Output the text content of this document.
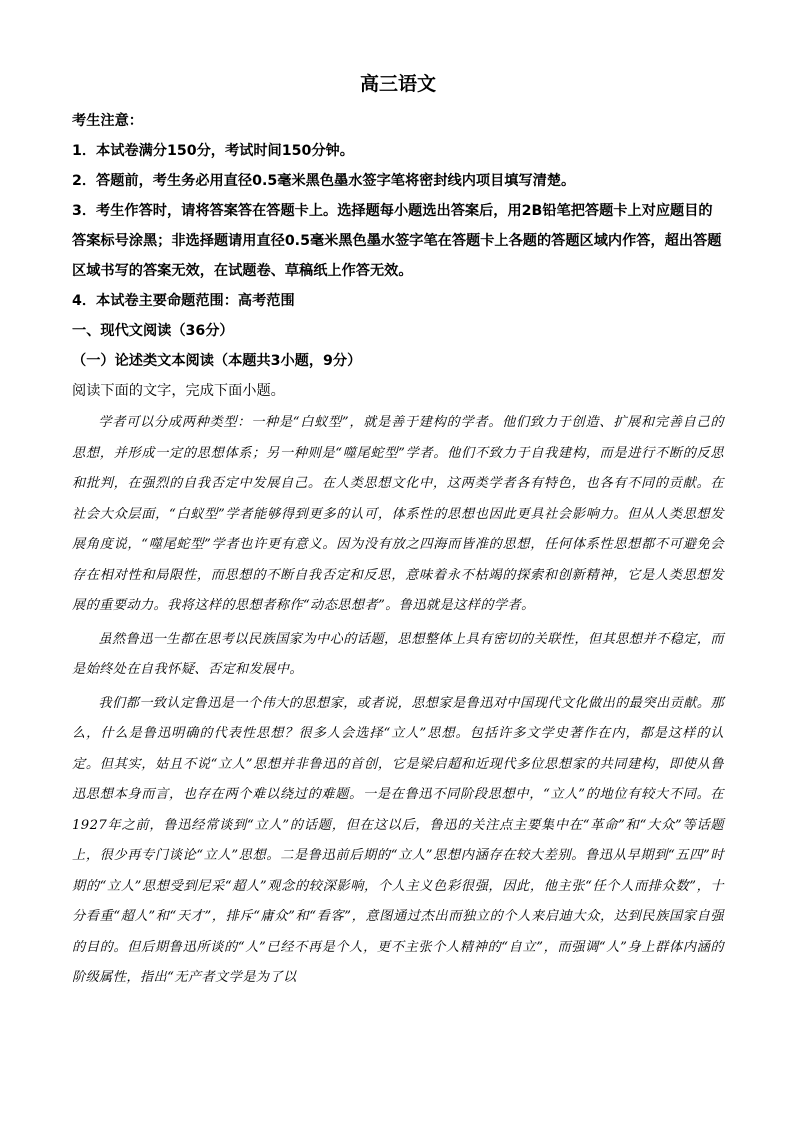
高三语文
考生注意：
1．本试卷满分150分，考试时间150分钟。
2．答题前，考生务必用直径0.5毫米黑色墨水签字笔将密封线内项目填写清楚。
3．考生作答时，请将答案答在答题卡上。选择题每小题选出答案后，用2B铅笔把答题卡上对应题目的答案标号涂黑；非选择题请用直径0.5毫米黑色墨水签字笔在答题卡上各题的答题区域内作答，超出答题区域书写的答案无效，在试题卷、草稿纸上作答无效。
4．本试卷主要命题范围：高考范围
一、现代文阅读（36分）
（一）论述类文本阅读（本题共3小题，9分）
阅读下面的文字，完成下面小题。

学者可以分成两种类型：一种是“白蚁型”，就是善于建构的学者。他们致力于创造、扩展和完善自己的思想，并形成一定的思想体系；另一种则是“噬尾蛇型”学者。他们不致力于自我建构，而是进行不断的反思和批判，在强烈的自我否定中发展自己。在人类思想文化中，这两类学者各有特色，也各有不同的贡献。在社会大众层面，“白蚁型”学者能够得到更多的认可，体系性的思想也因此更具社会影响力。但从人类思想发展角度说，“噬尾蛇型”学者也许更有意义。因为没有放之四海而皆准的思想，任何体系性思想都不可避免会存在相对性和局限性，而思想的不断自我否定和反思，意味着永不枯竭的探索和创新精神，它是人类思想发展的重要动力。我将这样的思想者称作“动态思想者”。鲁迅就是这样的学者。

虽然鲁迅一生都在思考以民族国家为中心的话题，思想整体上具有密切的关联性，但其思想并不稳定，而是始终处在自我怀疑、否定和发展中。

我们都一致认定鲁迅是一个伟大的思想家，或者说，思想家是鲁迅对中国现代文化做出的最突出贡献。那么，什么是鲁迅明确的代表性思想？很多人会选择“立人”思想。包括许多文学史著作在内，都是这样的认定。但其实，姑且不说“立人”思想并非鲁迅的首创，它是梁启超和近现代多位思想家的共同建构，即使从鲁迅思想本身而言，也存在两个难以绕过的难题。一是在鲁迅不同阶段思想中，“立人”的地位有较大不同。在1927年之前，鲁迅经常谈到“立人”的话题，但在这以后，鲁迅的关注点主要集中在“革命”和“大众”等话题上，很少再专门谈论“立人”思想。二是鲁迅前后期的“立人”思想内涵存在较大差别。鲁迅从早期到“五四”时期的“立人”思想受到尼采“超人”观念的较深影响，个人主义色彩很强，因此，他主张“任个人而排众数”，十分看重“超人”和“天才”，排斥“庸众”和“看客”，意图通过杰出而独立的个人来启迪大众，达到民族国家自强的目的。但后期鲁迅所谈的“人”已经不再是个人，更不主张个人精神的“自立”，而强调“人”身上群体内涵的阶级属性，指出“无产者文学是为了以
